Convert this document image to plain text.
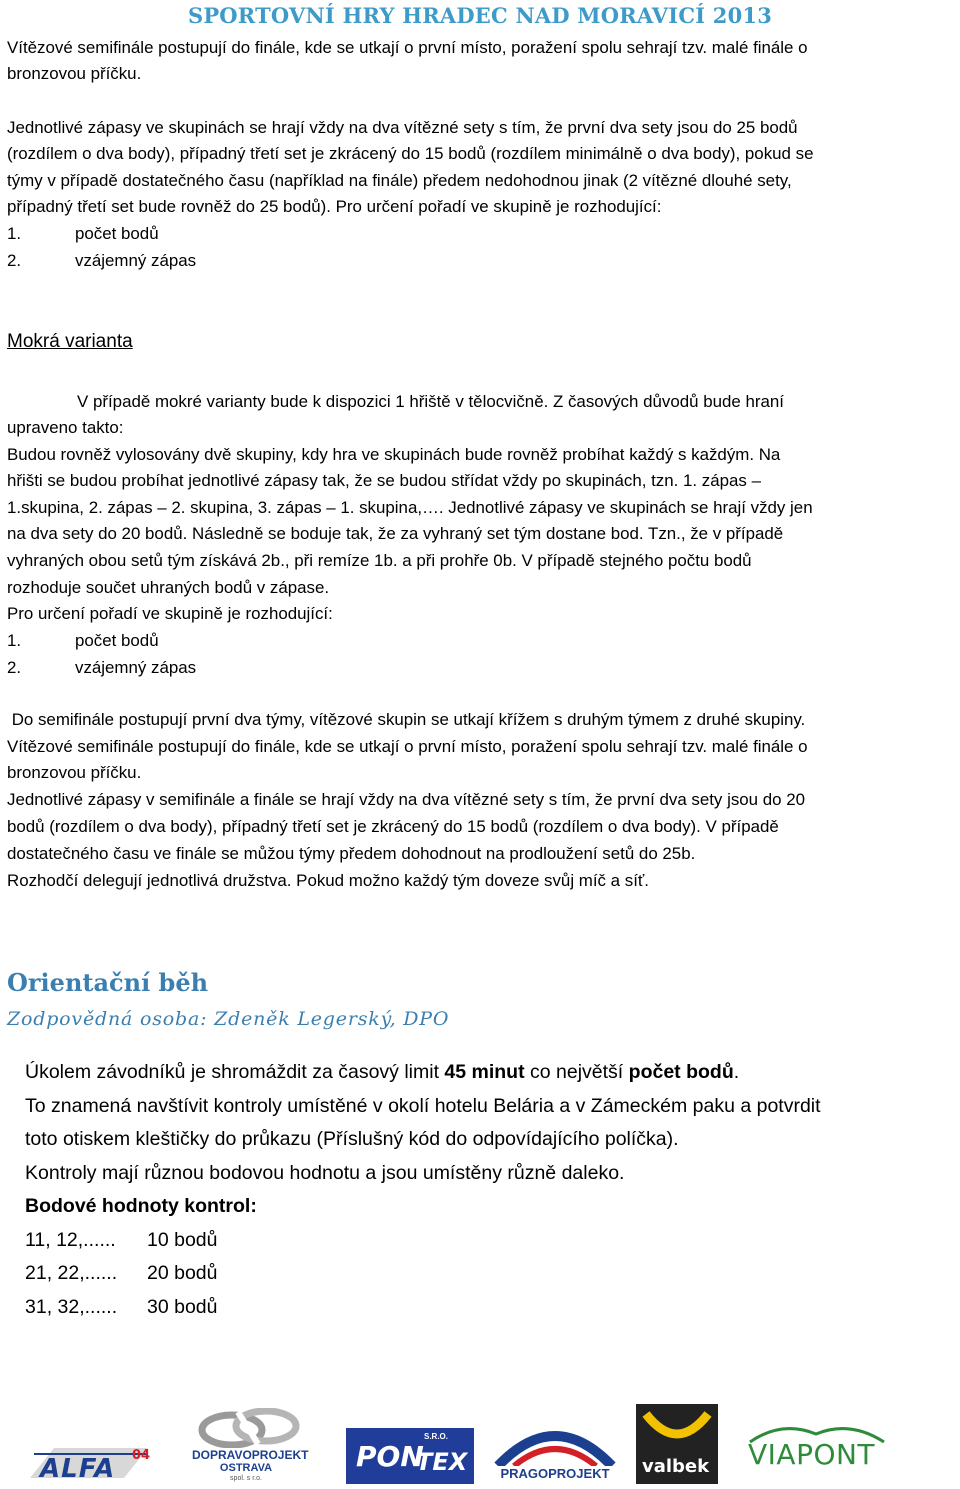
SPORTOVNÍ HRY HRADEC NAD MORAVICÍ 2013

Vítězové semifinále postupují do finále, kde se utkají o první místo, poražení spolu sehrají tzv. malé finále o

bronzovou příčku.

Jednotlivé zápasy ve skupinách se hrají vždy na dva vítězné sety s tím, že první dva sety jsou do 25 bodů

(rozdílem o dva body), případný třetí set je zkrácený do 15 bodů (rozdílem minimálně o dva body), pokud se

týmy v případě dostatečného času (například na finále) předem nedohodnou jinak (2 vítězné dlouhé sety,

případný třetí set bude rovněž do 25 bodů). Pro určení pořadí ve skupině je rozhodující:

1.	počet bodů
2.	vzájemný zápas
Mokrá varianta

V případě mokré varianty bude k dispozici 1 hřiště v tělocvičně. Z časových důvodů bude hraní

upraveno takto:

Budou rovněž vylosovány dvě skupiny, kdy hra ve skupinách bude rovněž probíhat každý s každým. Na

hřišti se budou probíhat jednotlivé zápasy tak, že se budou střídat vždy po skupinách, tzn. 1. zápas –

1.skupina, 2. zápas – 2. skupina, 3. zápas – 1. skupina,…. Jednotlivé zápasy ve skupinách se hrají vždy jen

na dva sety do 20 bodů. Následně se boduje tak, že za vyhraný set tým dostane bod. Tzn., že v případě

vyhraných obou setů tým získává 2b., při remíze 1b. a při prohře 0b. V případě stejného počtu bodů

rozhoduje součet uhraných bodů v zápase.

Pro určení pořadí ve skupině je rozhodující:

1.	počet bodů
2.	vzájemný zápas

Do semifinále postupují první dva týmy, vítězové skupin se utkají křížem s druhým týmem z druhé skupiny.

Vítězové semifinále postupují do finále, kde se utkají o první místo, poražení spolu sehrají tzv. malé finále o

bronzovou příčku.

Jednotlivé zápasy v semifinále a finále se hrají vždy na dva vítězné sety s tím, že první dva sety jsou do 20

bodů (rozdílem o dva body), případný třetí set je zkrácený do 15 bodů (rozdílem o dva body). V případě

dostatečného času ve finále se můžou týmy předem dohodnout na prodloužení setů do 25b.

Rozhodčí delegují jednotlivá družstva. Pokud možno každý tým doveze svůj míč a síť.

Orientační běh
Zodpovědná osoba: Zdeněk Legerský, DPO
Úkolem závodníků je shromáždit za časový limit 45 minut co největší počet bodů.
To znamená navštívit kontroly umístěné v okolí hotelu Belária a v Zámeckém paku a potvrdit
toto otiskem kleštičky do průkazu (Příslušný kód do odpovídajícího políčka).
Kontroly mají různou bodovou hodnotu a jsou umístěny různě daleko.
Bodové hodnoty kontrol:
11, 12,...... 10 bodů
21, 22,...... 20 bodů
31, 32,...... 30 bodů
ALFA 04	DOPRAVOPROJEKT
OSTRAVA
spol. s r.o.
PON
TEX
S.R.O.
PRAGOPROJEKT	valbek VIAPONT
